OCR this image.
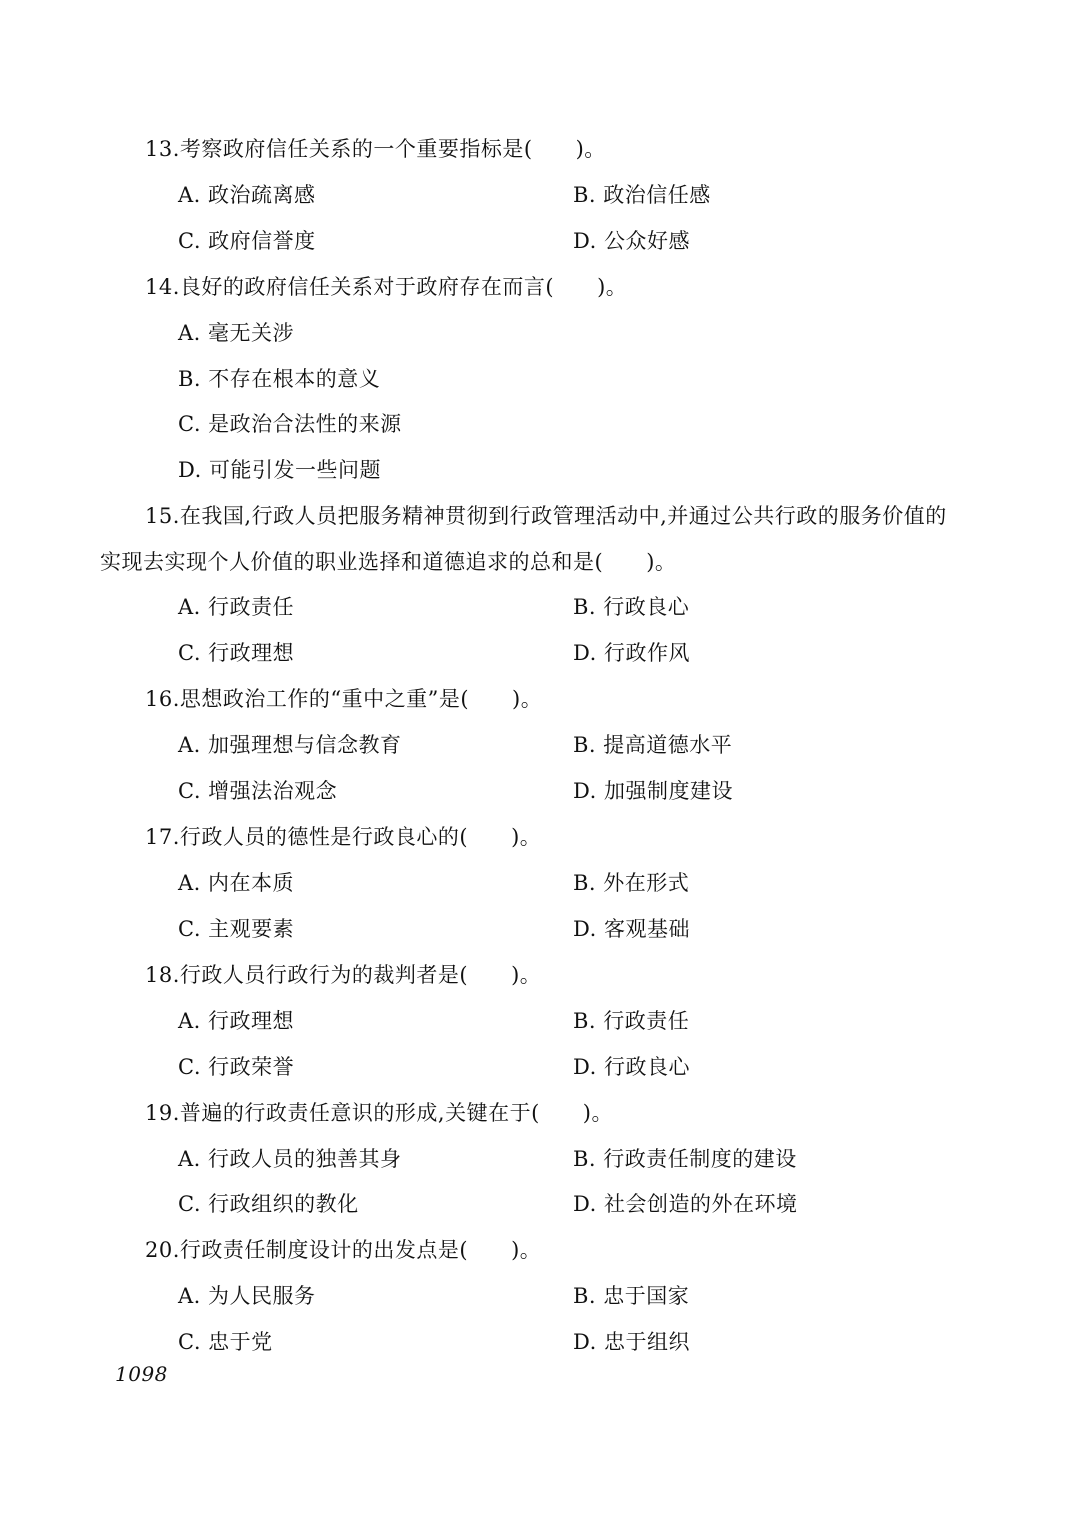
13.考察政府信任关系的一个重要指标是(　　)。
A. 政治疏离感	B. 政治信任感
C. 政府信誉度	D. 公众好感
14.良好的政府信任关系对于政府存在而言(　　)。
A. 毫无关涉
B. 不存在根本的意义
C. 是政治合法性的来源
D. 可能引发一些问题
15.在我国,行政人员把服务精神贯彻到行政管理活动中,并通过公共行政的服务价值的
实现去实现个人价值的职业选择和道德追求的总和是(　　)。
A. 行政责任	B. 行政良心
C. 行政理想	D. 行政作风
16.思想政治工作的“重中之重”是(　　)。
A. 加强理想与信念教育	B. 提高道德水平
C. 增强法治观念	D. 加强制度建设
17.行政人员的德性是行政良心的(　　)。
A. 内在本质	B. 外在形式
C. 主观要素	D. 客观基础
18.行政人员行政行为的裁判者是(　　)。
A. 行政理想	B. 行政责任
C. 行政荣誉	D. 行政良心
19.普遍的行政责任意识的形成,关键在于(　　)。
A. 行政人员的独善其身	B. 行政责任制度的建设
C. 行政组织的教化	D. 社会创造的外在环境
20.行政责任制度设计的出发点是(　　)。
A. 为人民服务	B. 忠于国家
C. 忠于党	D. 忠于组织
1098
